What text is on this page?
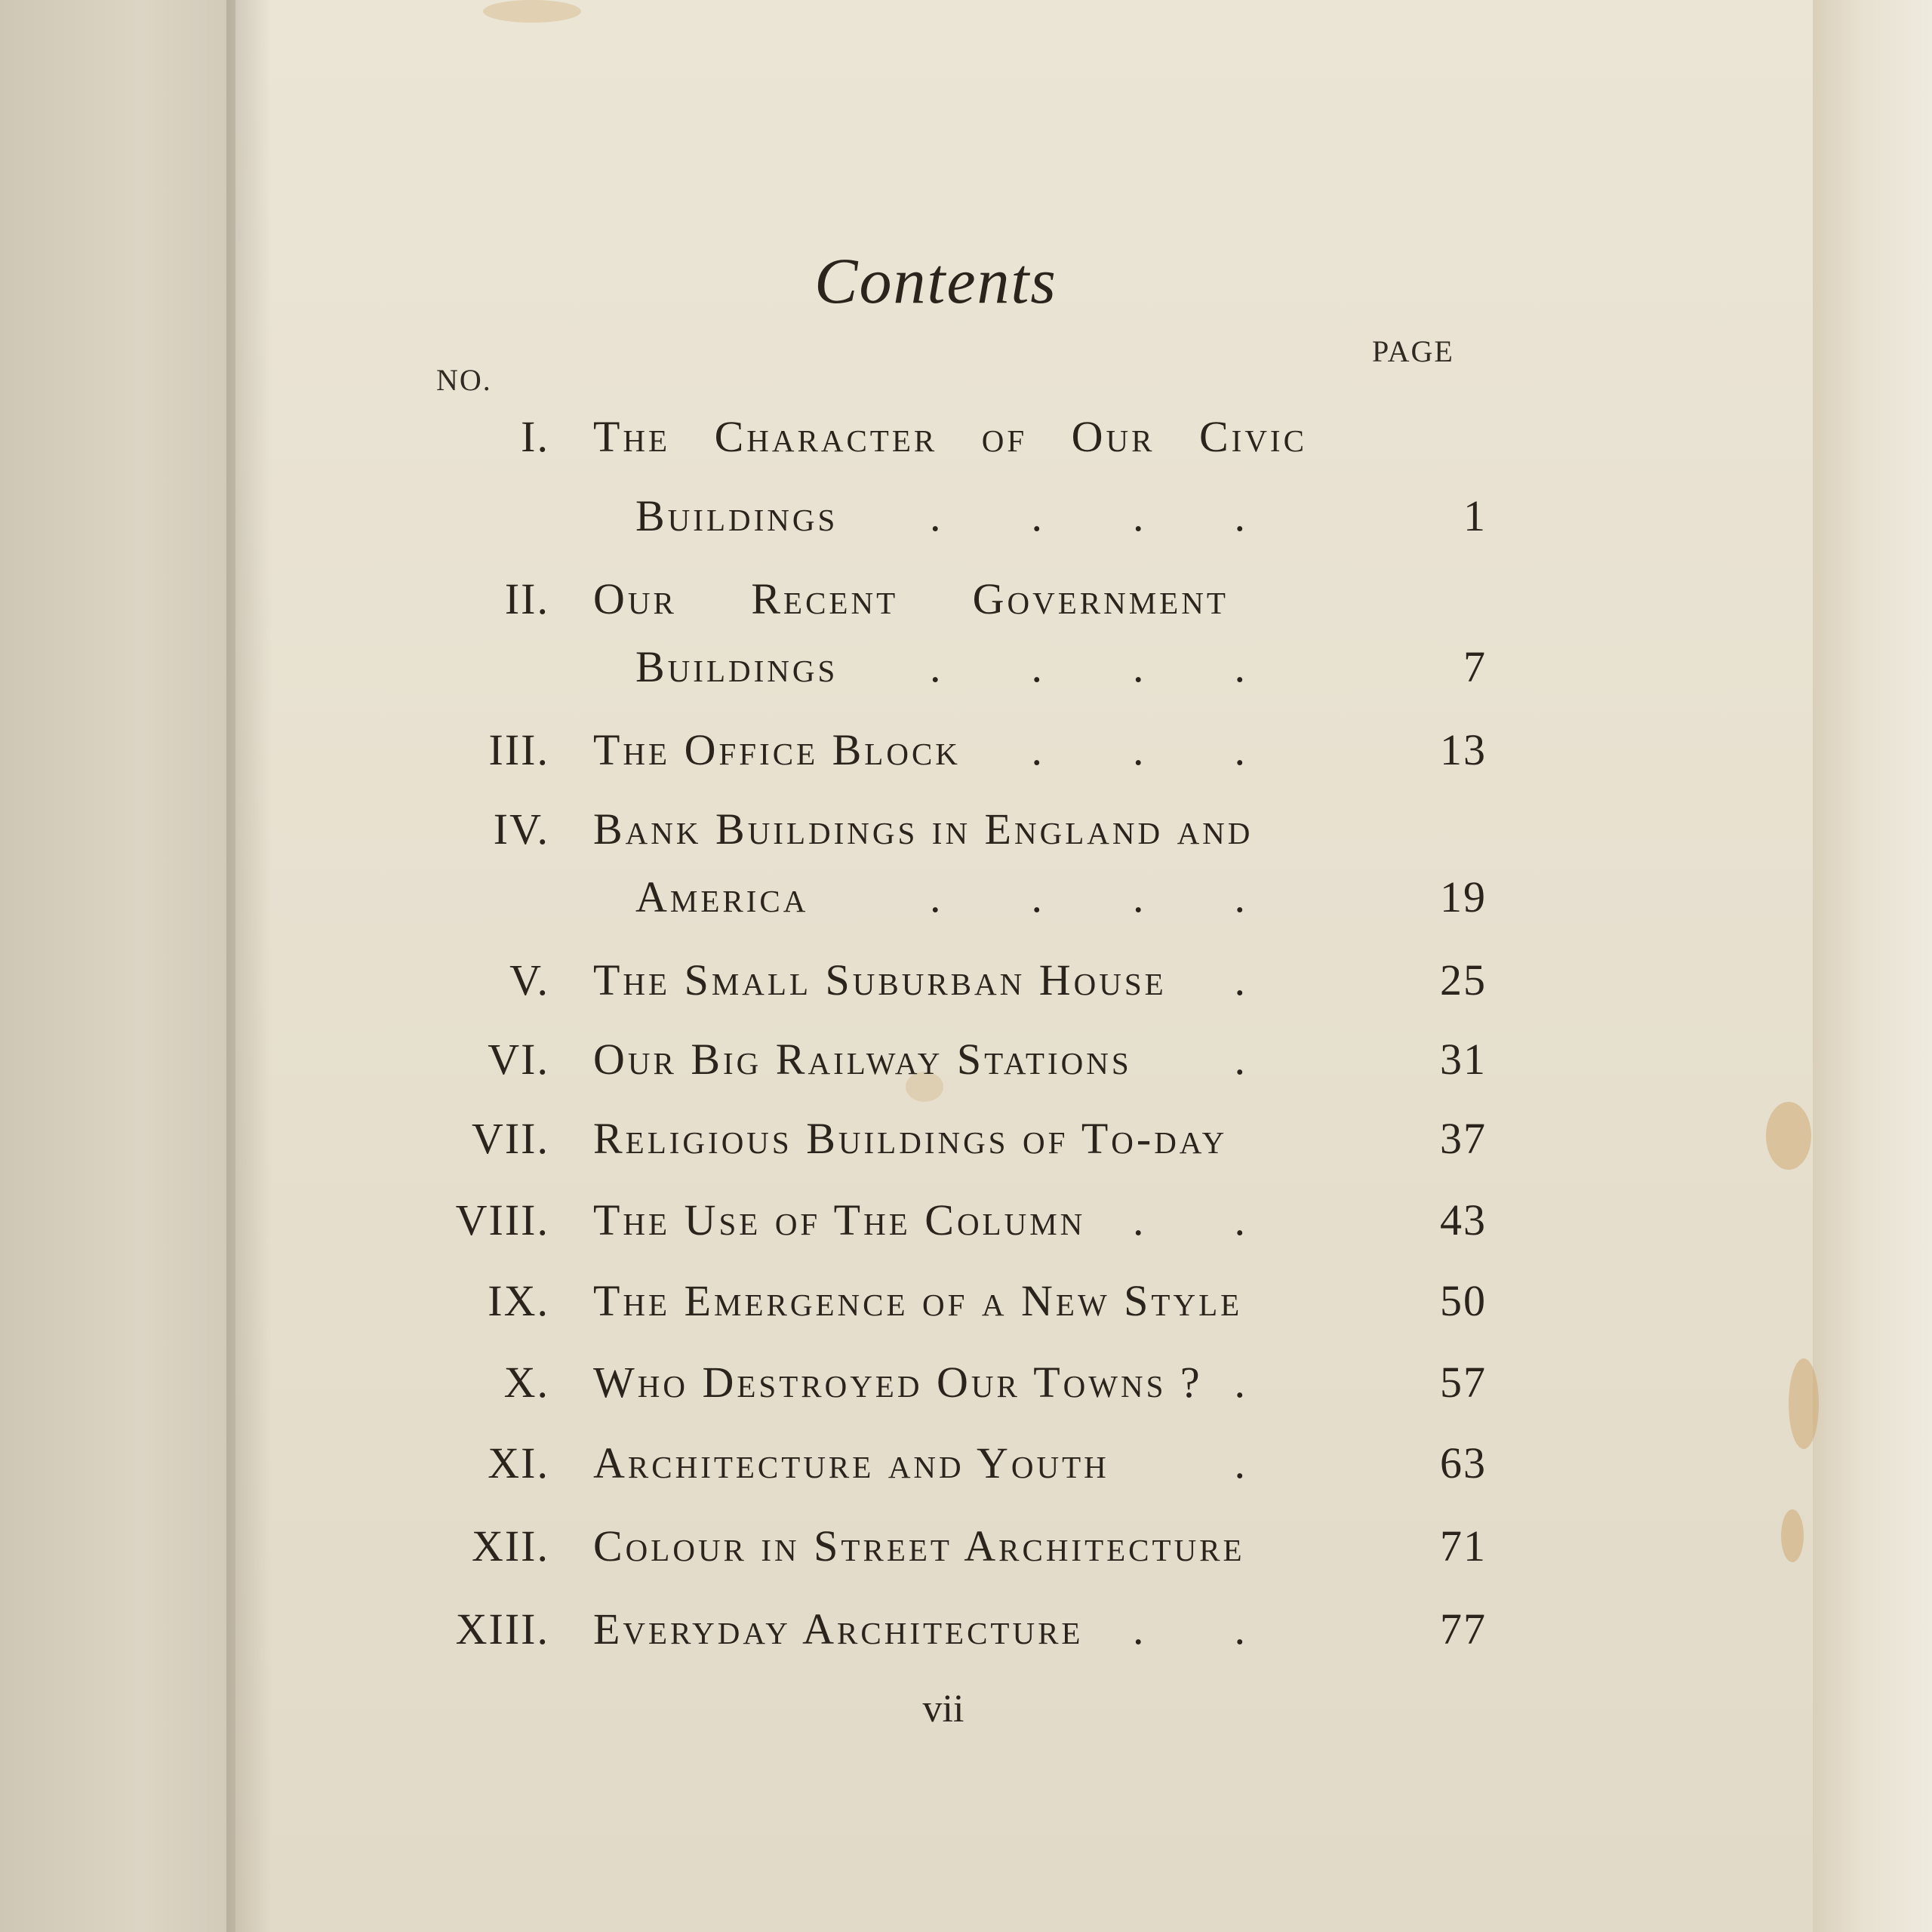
Contents
NO.
PAGE
I. The Character of Our Civic
Buildings ....	1
II. Our Recent Government
Buildings ....	7
III. The Office Block ... 13
IV. Bank Buildings in England and
America	.... 19
V. The Small Suburban House . 25
VI. Our Big Railway Stations . 31
VII. Religious Buildings of To-day	37
VIII. The Use of The Column .. 43
IX. The Emergence of a New Style	50
X. Who Destroyed Our Towns ? . 57
XI. Architecture and Youth	. 63
XII. Colour in Street Architecture	71
XIII. Everyday Architecture .. 77
vii
